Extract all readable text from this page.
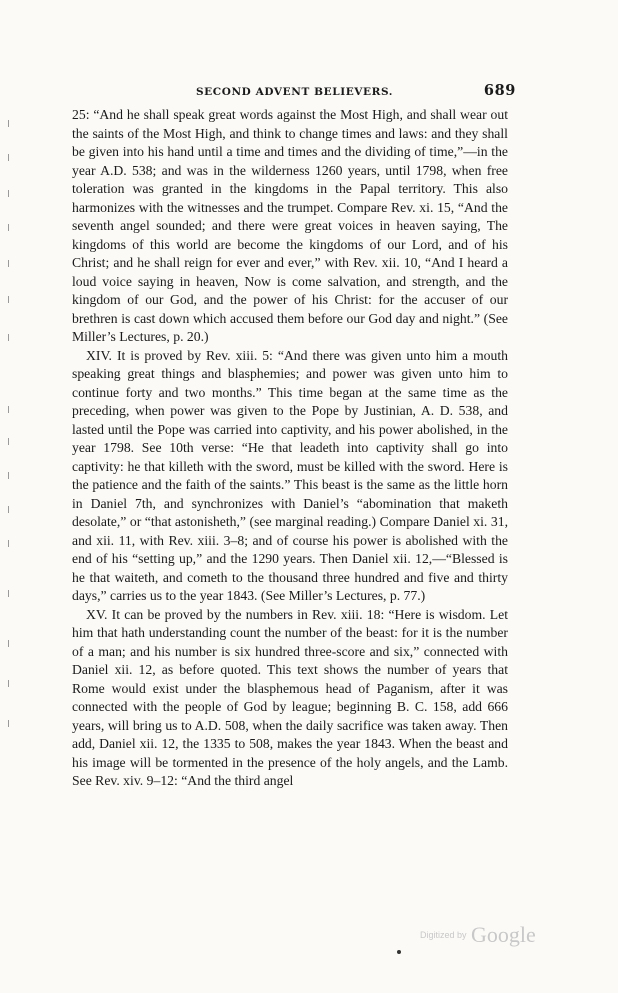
SECOND ADVENT BELIEVERS.	689

25: “And he shall speak great words against the Most High, and shall wear out the saints of the Most High, and think to change times and laws: and they shall be given into his hand until a time and times and the dividing of time,”—in the year A.D. 538; and was in the wilderness 1260 years, until 1798, when free toleration was granted in the kingdoms in the Papal territory. This also harmonizes with the witnesses and the trumpet. Compare Rev. xi. 15, “And the seventh angel sounded; and there were great voices in heaven saying, The kingdoms of this world are become the kingdoms of our Lord, and of his Christ; and he shall reign for ever and ever,” with Rev. xii. 10, “And I heard a loud voice saying in heaven, Now is come salvation, and strength, and the kingdom of our God, and the power of his Christ: for the accuser of our brethren is cast down which accused them before our God day and night.” (See Miller’s Lectures, p. 20.)

XIV. It is proved by Rev. xiii. 5: “And there was given unto him a mouth speaking great things and blasphemies; and power was given unto him to continue forty and two months.” This time began at the same time as the preceding, when power was given to the Pope by Justinian, A. D. 538, and lasted until the Pope was carried into captivity, and his power abolished, in the year 1798. See 10th verse: “He that leadeth into captivity shall go into captivity: he that killeth with the sword, must be killed with the sword. Here is the patience and the faith of the saints.” This beast is the same as the little horn in Daniel 7th, and synchronizes with Daniel’s “abomination that maketh desolate,” or “that astonisheth,” (see marginal reading.) Compare Daniel xi. 31, and xii. 11, with Rev. xiii. 3–8; and of course his power is abolished with the end of his “setting up,” and the 1290 years. Then Daniel xii. 12,—“Blessed is he that waiteth, and cometh to the thousand three hundred and five and thirty days,” carries us to the year 1843. (See Miller’s Lectures, p. 77.)

XV. It can be proved by the numbers in Rev. xiii. 18: “Here is wisdom. Let him that hath understanding count the number of the beast: for it is the number of a man; and his number is six hundred three-score and six,” connected with Daniel xii. 12, as before quoted. This text shows the number of years that Rome would exist under the blasphemous head of Paganism, after it was connected with the people of God by league; beginning B. C. 158, add 666 years, will bring us to A.D. 508, when the daily sacrifice was taken away. Then add, Daniel xii. 12, the 1335 to 508, makes the year 1843. When the beast and his image will be tormented in the presence of the holy angels, and the Lamb. See Rev. xiv. 9–12: “And the third angel

Digitized by Google
